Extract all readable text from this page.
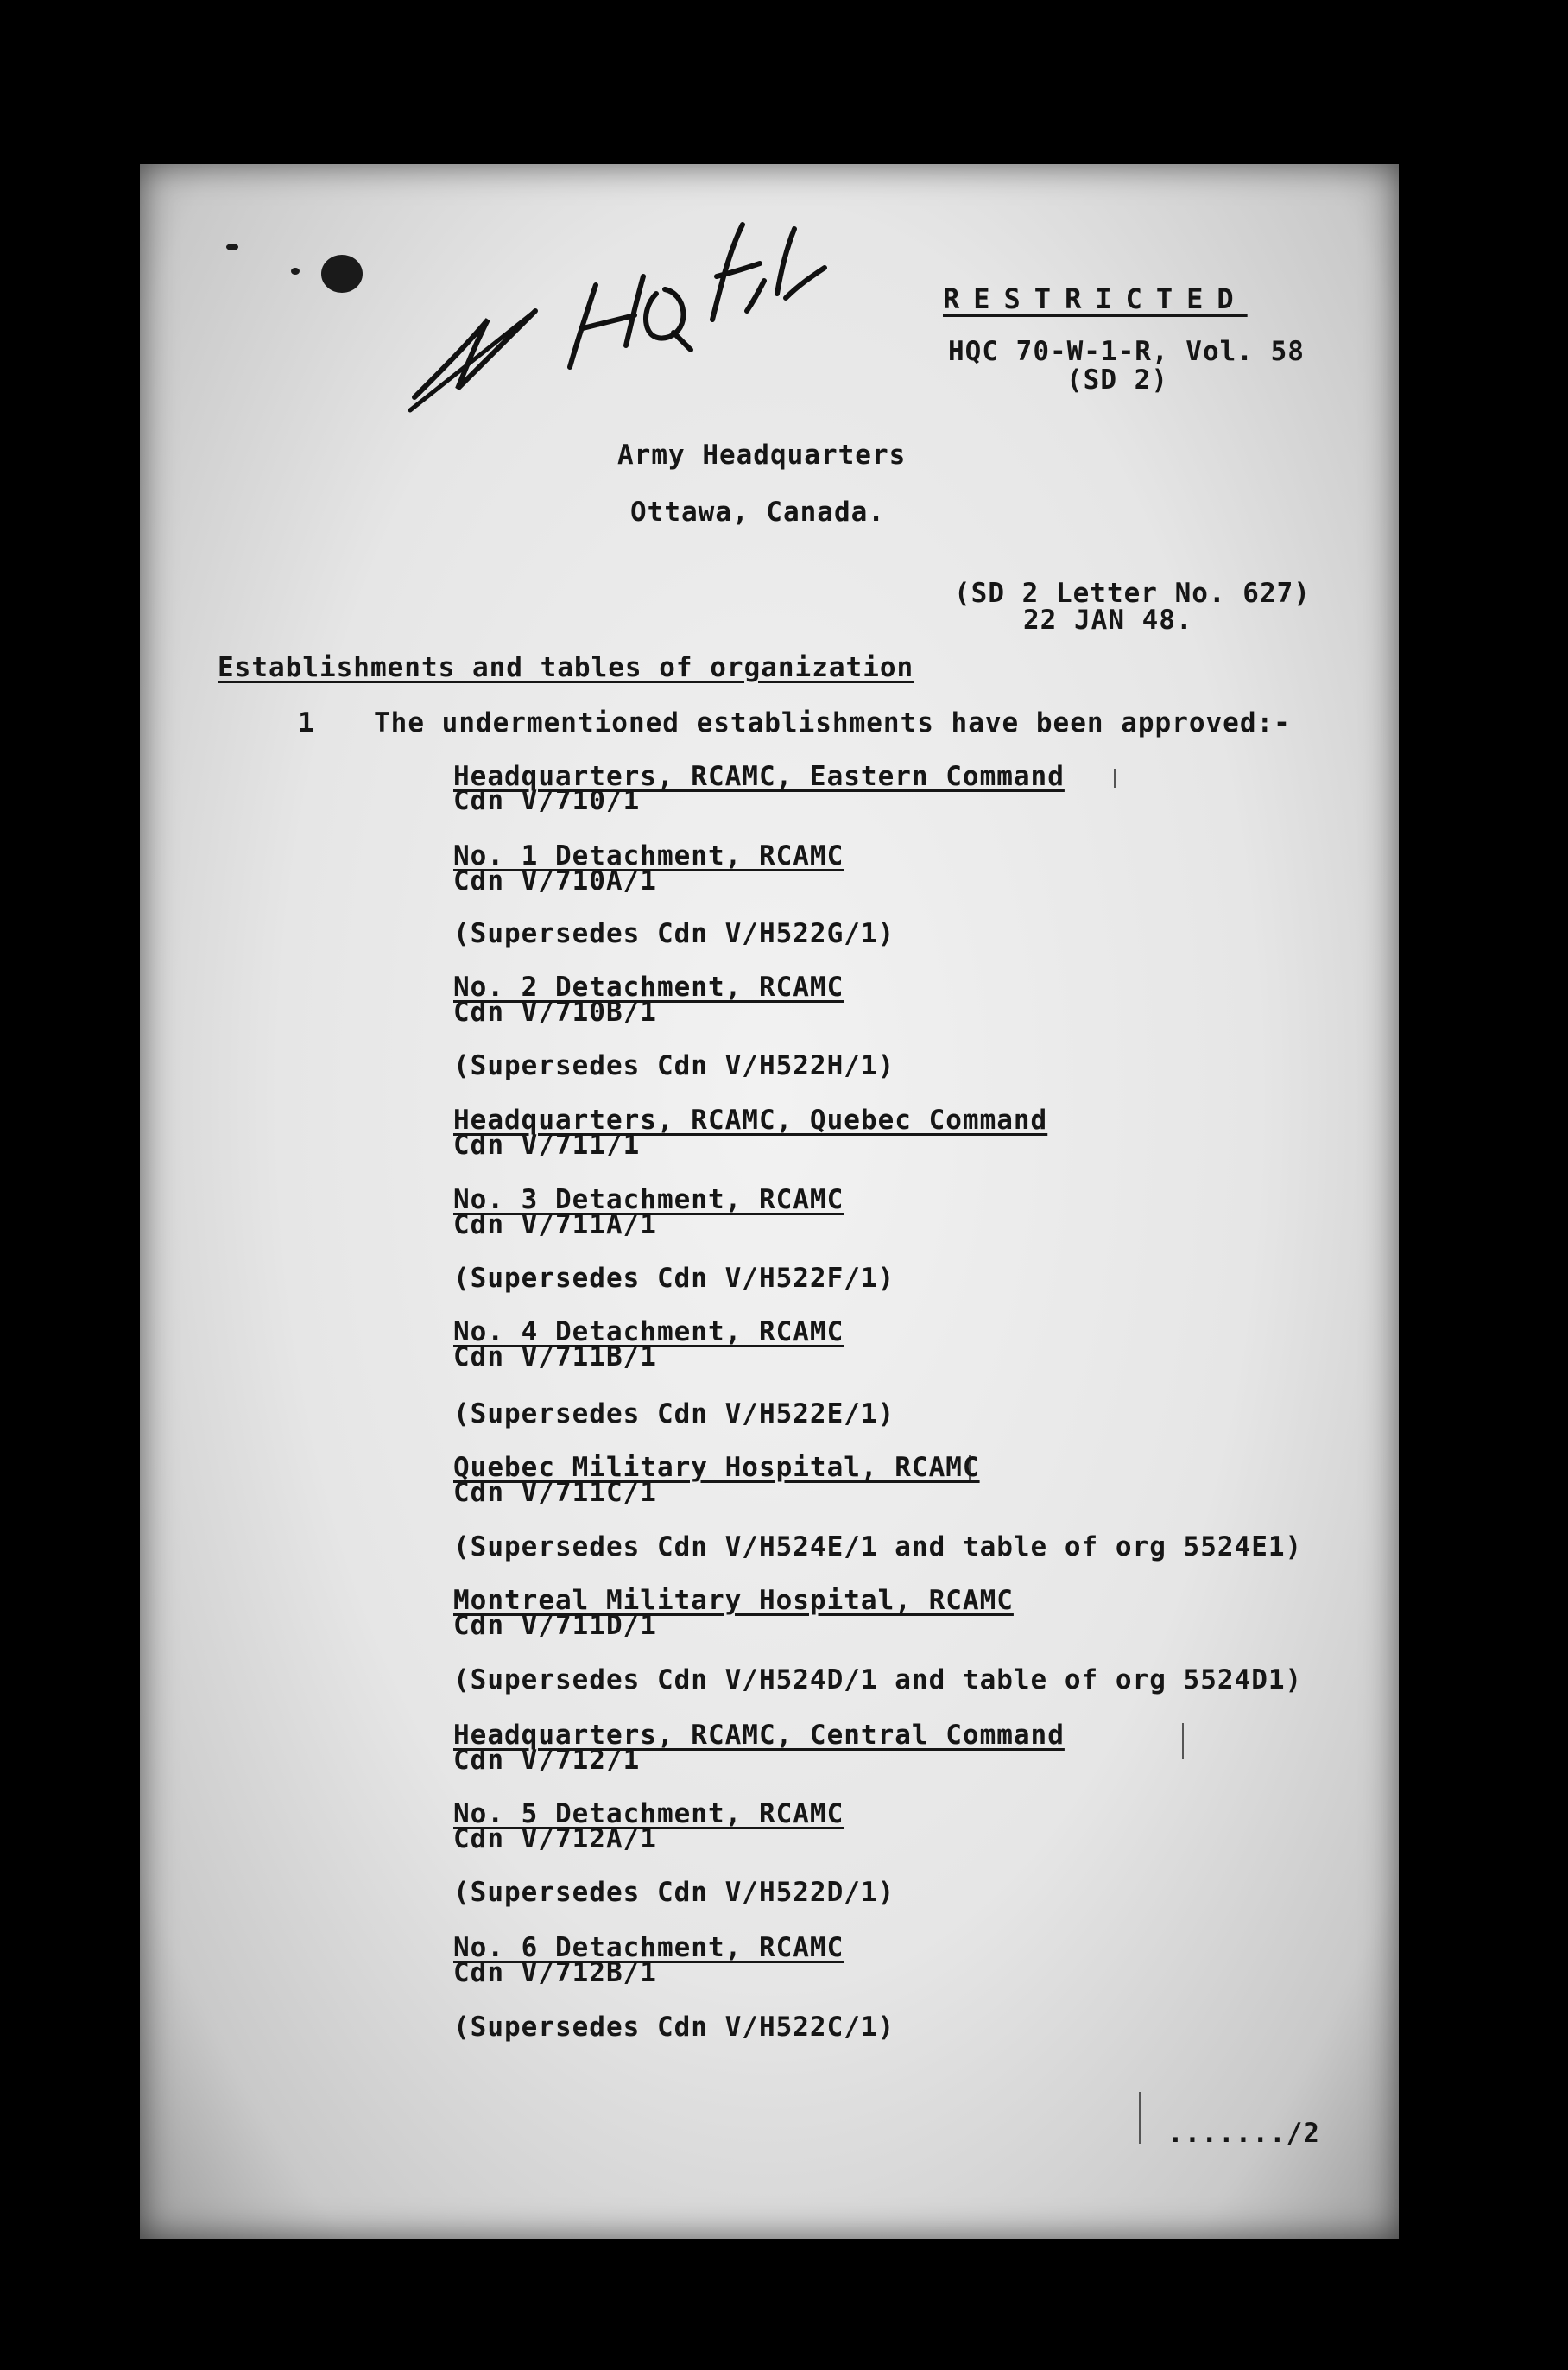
RESTRICTED
HQC 70-W-1-R, Vol. 58
(SD 2)
Army Headquarters
Ottawa, Canada.
(SD 2 Letter No. 627)
22 JAN 48.
Establishments and tables of organization
1 The undermentioned establishments have been approved:-
Headquarters, RCAMC, Eastern Command
Cdn V/710/1
No. 1 Detachment, RCAMC
Cdn V/710A/1
(Supersedes Cdn V/H522G/1)
No. 2 Detachment, RCAMC
Cdn V/710B/1
(Supersedes Cdn V/H522H/1)
Headquarters, RCAMC, Quebec Command
Cdn V/711/1
No. 3 Detachment, RCAMC
Cdn V/711A/1
(Supersedes Cdn V/H522F/1)
No. 4 Detachment, RCAMC
Cdn V/711B/1
(Supersedes Cdn V/H522E/1)
Quebec Military Hospital, RCAMC
Cdn V/711C/1
(Supersedes Cdn V/H524E/1 and table of org 5524E1)
Montreal Military Hospital, RCAMC
Cdn V/711D/1
(Supersedes Cdn V/H524D/1 and table of org 5524D1)
Headquarters, RCAMC, Central Command
Cdn V/712/1
No. 5 Detachment, RCAMC
Cdn V/712A/1
(Supersedes Cdn V/H522D/1)
No. 6 Detachment, RCAMC
Cdn V/712B/1
(Supersedes Cdn V/H522C/1)
......./2
